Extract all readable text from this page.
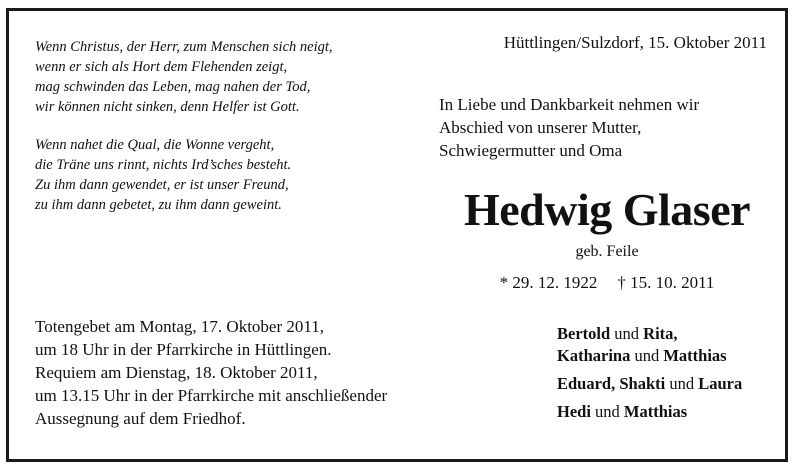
Wenn Christus, der Herr, zum Menschen sich neigt,
wenn er sich als Hort dem Flehenden zeigt,
mag schwinden das Leben, mag nahen der Tod,
wir können nicht sinken, denn Helfer ist Gott.
Wenn nahet die Qual, die Wonne vergeht,
die Träne uns rinnt, nichts Ird’sches besteht.
Zu ihm dann gewendet, er ist unser Freund,
zu ihm dann gebetet, zu ihm dann geweint.
Hüttlingen/Sulzdorf, 15. Oktober 2011
In Liebe und Dankbarkeit nehmen wir
Abschied von unserer Mutter,
Schwiegermutter und Oma
Hedwig Glaser
geb. Feile
* 29. 12. 1922 † 15. 10. 2011
Totengebet am Montag, 17. Oktober 2011,
um 18 Uhr in der Pfarrkirche in Hüttlingen.
Requiem am Dienstag, 18. Oktober 2011,
um 13.15 Uhr in der Pfarrkirche mit anschließender
Aussegnung auf dem Friedhof.
Bertold und Rita,
Katharina und Matthias
Eduard, Shakti und Laura
Hedi und Matthias
